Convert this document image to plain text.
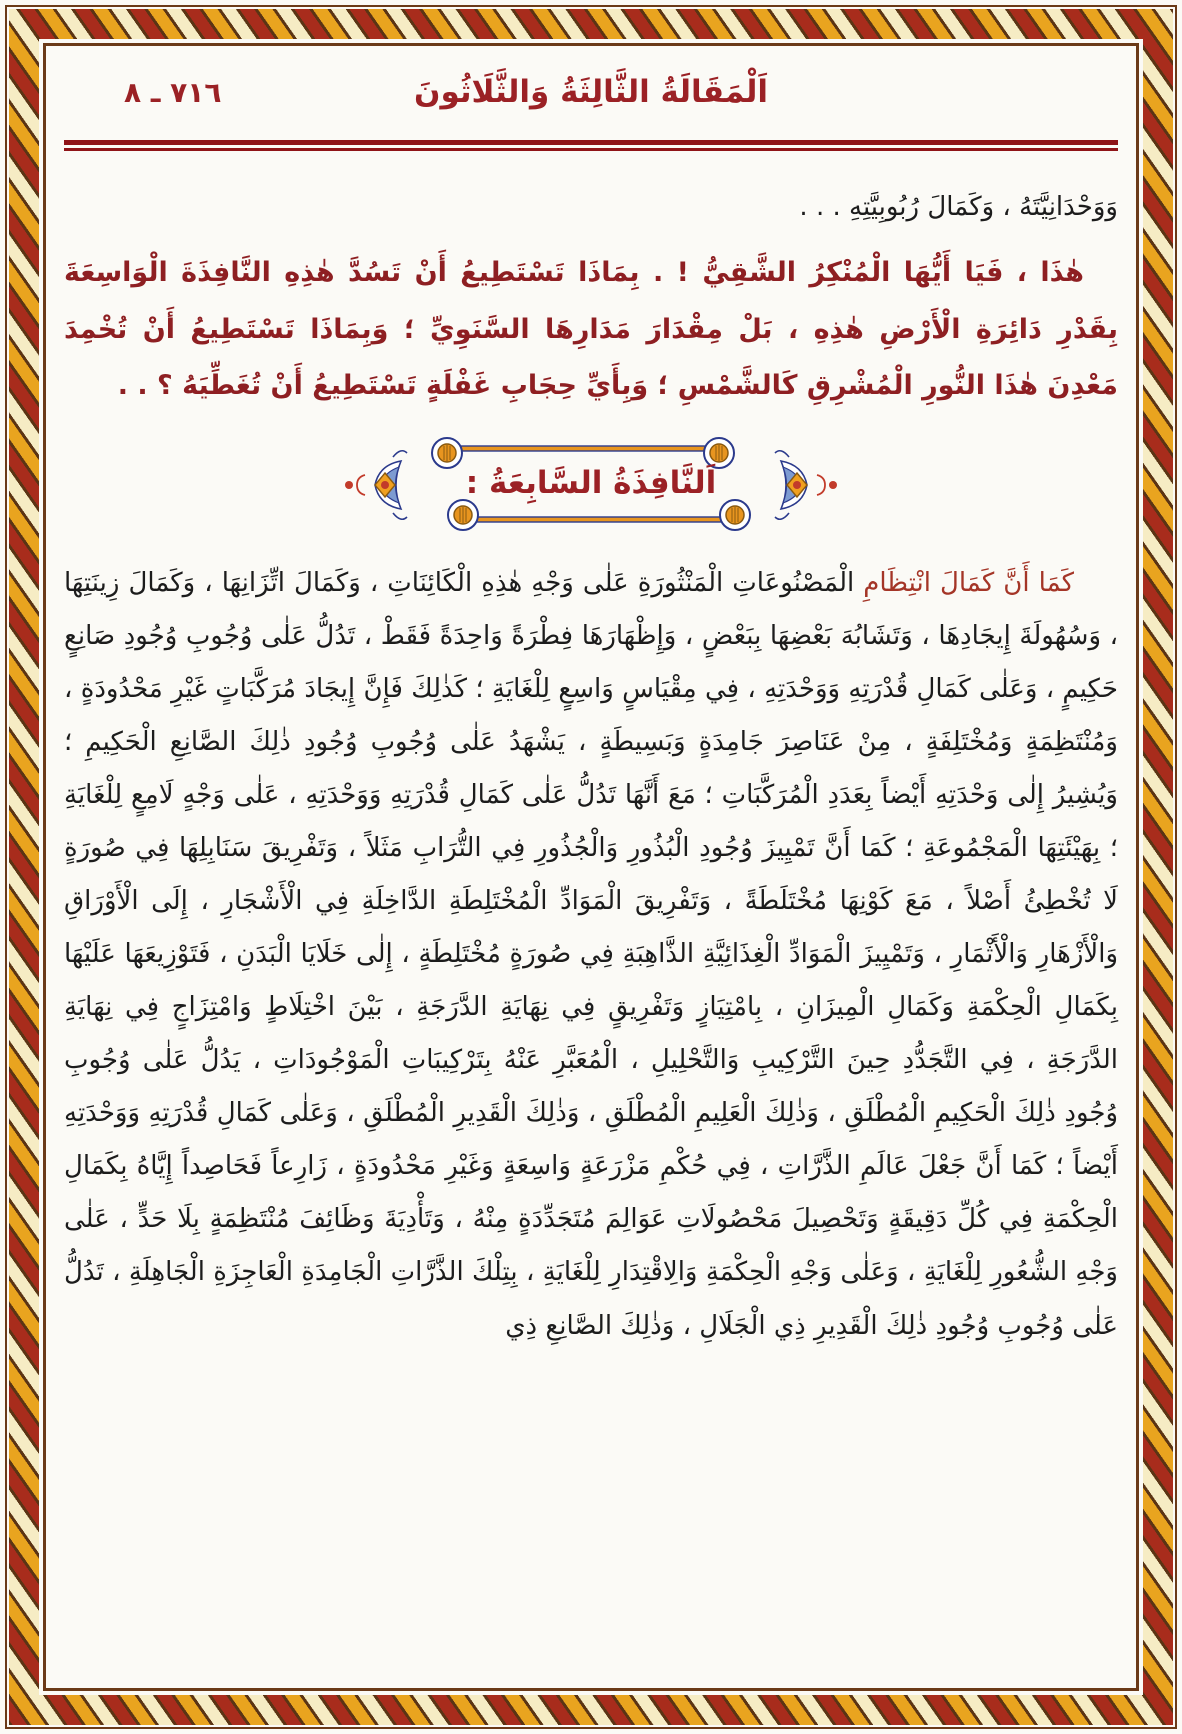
اَلْمَقَالَةُ الثَّالِثَةُ وَالثَّلَاثُونَ
٧١٦ ـ ٨

وَوَحْدَانِيَّتَهُ ، وَكَمَالَ رُبُوبِيَّتِهِ . . .

هٰذَا ، فَيَا أَيُّهَا الْمُنْكِرُ الشَّقِيُّ ! . بِمَاذَا تَسْتَطِيعُ أَنْ تَسُدَّ هٰذِهِ النَّافِذَةَ الْوَاسِعَةَ بِقَدْرِ دَائِرَةِ الْأَرْضِ هٰذِهِ ، بَلْ مِقْدَارَ مَدَارِهَا السَّنَوِيِّ ؛ وَبِمَاذَا تَسْتَطِيعُ أَنْ تُخْمِدَ مَعْدِنَ هٰذَا النُّورِ الْمُشْرِقِ كَالشَّمْسِ ؛ وَبِأَيِّ حِجَابِ غَفْلَةٍ تَسْتَطِيعُ أَنْ تُغَطِّيَهُ ؟ . .

اَلنَّافِذَةُ السَّابِعَةُ :

كَمَا أَنَّ كَمَالَ انْتِظَامِ الْمَصْنُوعَاتِ الْمَنْثُورَةِ عَلٰى وَجْهِ هٰذِهِ الْكَائِنَاتِ ، وَكَمَالَ اتِّزَانِهَا ، وَكَمَالَ زِينَتِهَا ، وَسُهُولَةَ إِيجَادِهَا ، وَتَشَابُهَ بَعْضِهَا بِبَعْضٍ ، وَإِظْهَارَهَا فِطْرَةً وَاحِدَةً فَقَطْ ، تَدُلُّ عَلٰى وُجُوبِ وُجُودِ صَانِعٍ حَكِيمٍ ، وَعَلٰى كَمَالِ قُدْرَتِهِ وَوَحْدَتِهِ ، فِي مِقْيَاسٍ وَاسِعٍ لِلْغَايَةِ ؛ كَذٰلِكَ فَإِنَّ إِيجَادَ مُرَكَّبَاتٍ غَيْرِ مَحْدُودَةٍ ، وَمُنْتَظِمَةٍ وَمُخْتَلِفَةٍ ، مِنْ عَنَاصِرَ جَامِدَةٍ وَبَسِيطَةٍ ، يَشْهَدُ عَلٰى وُجُوبِ وُجُودِ ذٰلِكَ الصَّانِعِ الْحَكِيمِ ؛ وَيُشِيرُ إِلٰى وَحْدَتِهِ أَيْضاً بِعَدَدِ الْمُرَكَّبَاتِ ؛ مَعَ أَنَّهَا تَدُلُّ عَلٰى كَمَالِ قُدْرَتِهِ وَوَحْدَتِهِ ، عَلٰى وَجْهٍ لَامِعٍ لِلْغَايَةِ ؛ بِهَيْئَتِهَا الْمَجْمُوعَةِ ؛ كَمَا أَنَّ تَمْيِيزَ وُجُودِ الْبُذُورِ وَالْجُذُورِ فِي التُّرَابِ مَثَلاً ، وَتَفْرِيقَ سَنَابِلِهَا فِي صُورَةٍ لَا تُخْطِئُ أَصْلاً ، مَعَ كَوْنِهَا مُخْتَلَطَةً ، وَتَفْرِيقَ الْمَوَادِّ الْمُخْتَلِطَةِ الدَّاخِلَةِ فِي الْأَشْجَارِ ، إِلَى الْأَوْرَاقِ وَالْأَزْهَارِ وَالْأَثْمَارِ ، وَتَمْيِيزَ الْمَوَادِّ الْغِذَائِيَّةِ الذَّاهِبَةِ فِي صُورَةٍ مُخْتَلِطَةٍ ، إِلٰى خَلَايَا الْبَدَنِ ، فَتَوْزِيعَهَا عَلَيْهَا بِكَمَالِ الْحِكْمَةِ وَكَمَالِ الْمِيزَانِ ، بِامْتِيَازٍ وَتَفْرِيقٍ فِي نِهَايَةِ الدَّرَجَةِ ، بَيْنَ اخْتِلَاطٍ وَامْتِزَاجٍ فِي نِهَايَةِ الدَّرَجَةِ ، فِي التَّجَدُّدِ حِينَ التَّرْكِيبِ وَالتَّحْلِيلِ ، الْمُعَبَّرِ عَنْهُ بِتَرْكِيبَاتِ الْمَوْجُودَاتِ ، يَدُلُّ عَلٰى وُجُوبِ وُجُودِ ذٰلِكَ الْحَكِيمِ الْمُطْلَقِ ، وَذٰلِكَ الْعَلِيمِ الْمُطْلَقِ ، وَذٰلِكَ الْقَدِيرِ الْمُطْلَقِ ، وَعَلٰى كَمَالِ قُدْرَتِهِ وَوَحْدَتِهِ أَيْضاً ؛ كَمَا أَنَّ جَعْلَ عَالَمِ الذَّرَّاتِ ، فِي حُكْمِ مَزْرَعَةٍ وَاسِعَةٍ وَغَيْرِ مَحْدُودَةٍ ، زَارِعاً فَحَاصِداً إِيَّاهُ بِكَمَالِ الْحِكْمَةِ فِي كُلِّ دَقِيقَةٍ وَتَحْصِيلَ مَحْصُولَاتِ عَوَالِمَ مُتَجَدِّدَةٍ مِنْهُ ، وَتَأْدِيَةَ وَظَائِفَ مُنْتَظِمَةٍ بِلَا حَدٍّ ، عَلٰى وَجْهِ الشُّعُورِ لِلْغَايَةِ ، وَعَلٰى وَجْهِ الْحِكْمَةِ وَالِاقْتِدَارِ لِلْغَايَةِ ، بِتِلْكَ الذَّرَّاتِ الْجَامِدَةِ الْعَاجِزَةِ الْجَاهِلَةِ ، تَدُلُّ عَلٰى وُجُوبِ وُجُودِ ذٰلِكَ الْقَدِيرِ ذِي الْجَلَالِ ، وَذٰلِكَ الصَّانِعِ ذِي
